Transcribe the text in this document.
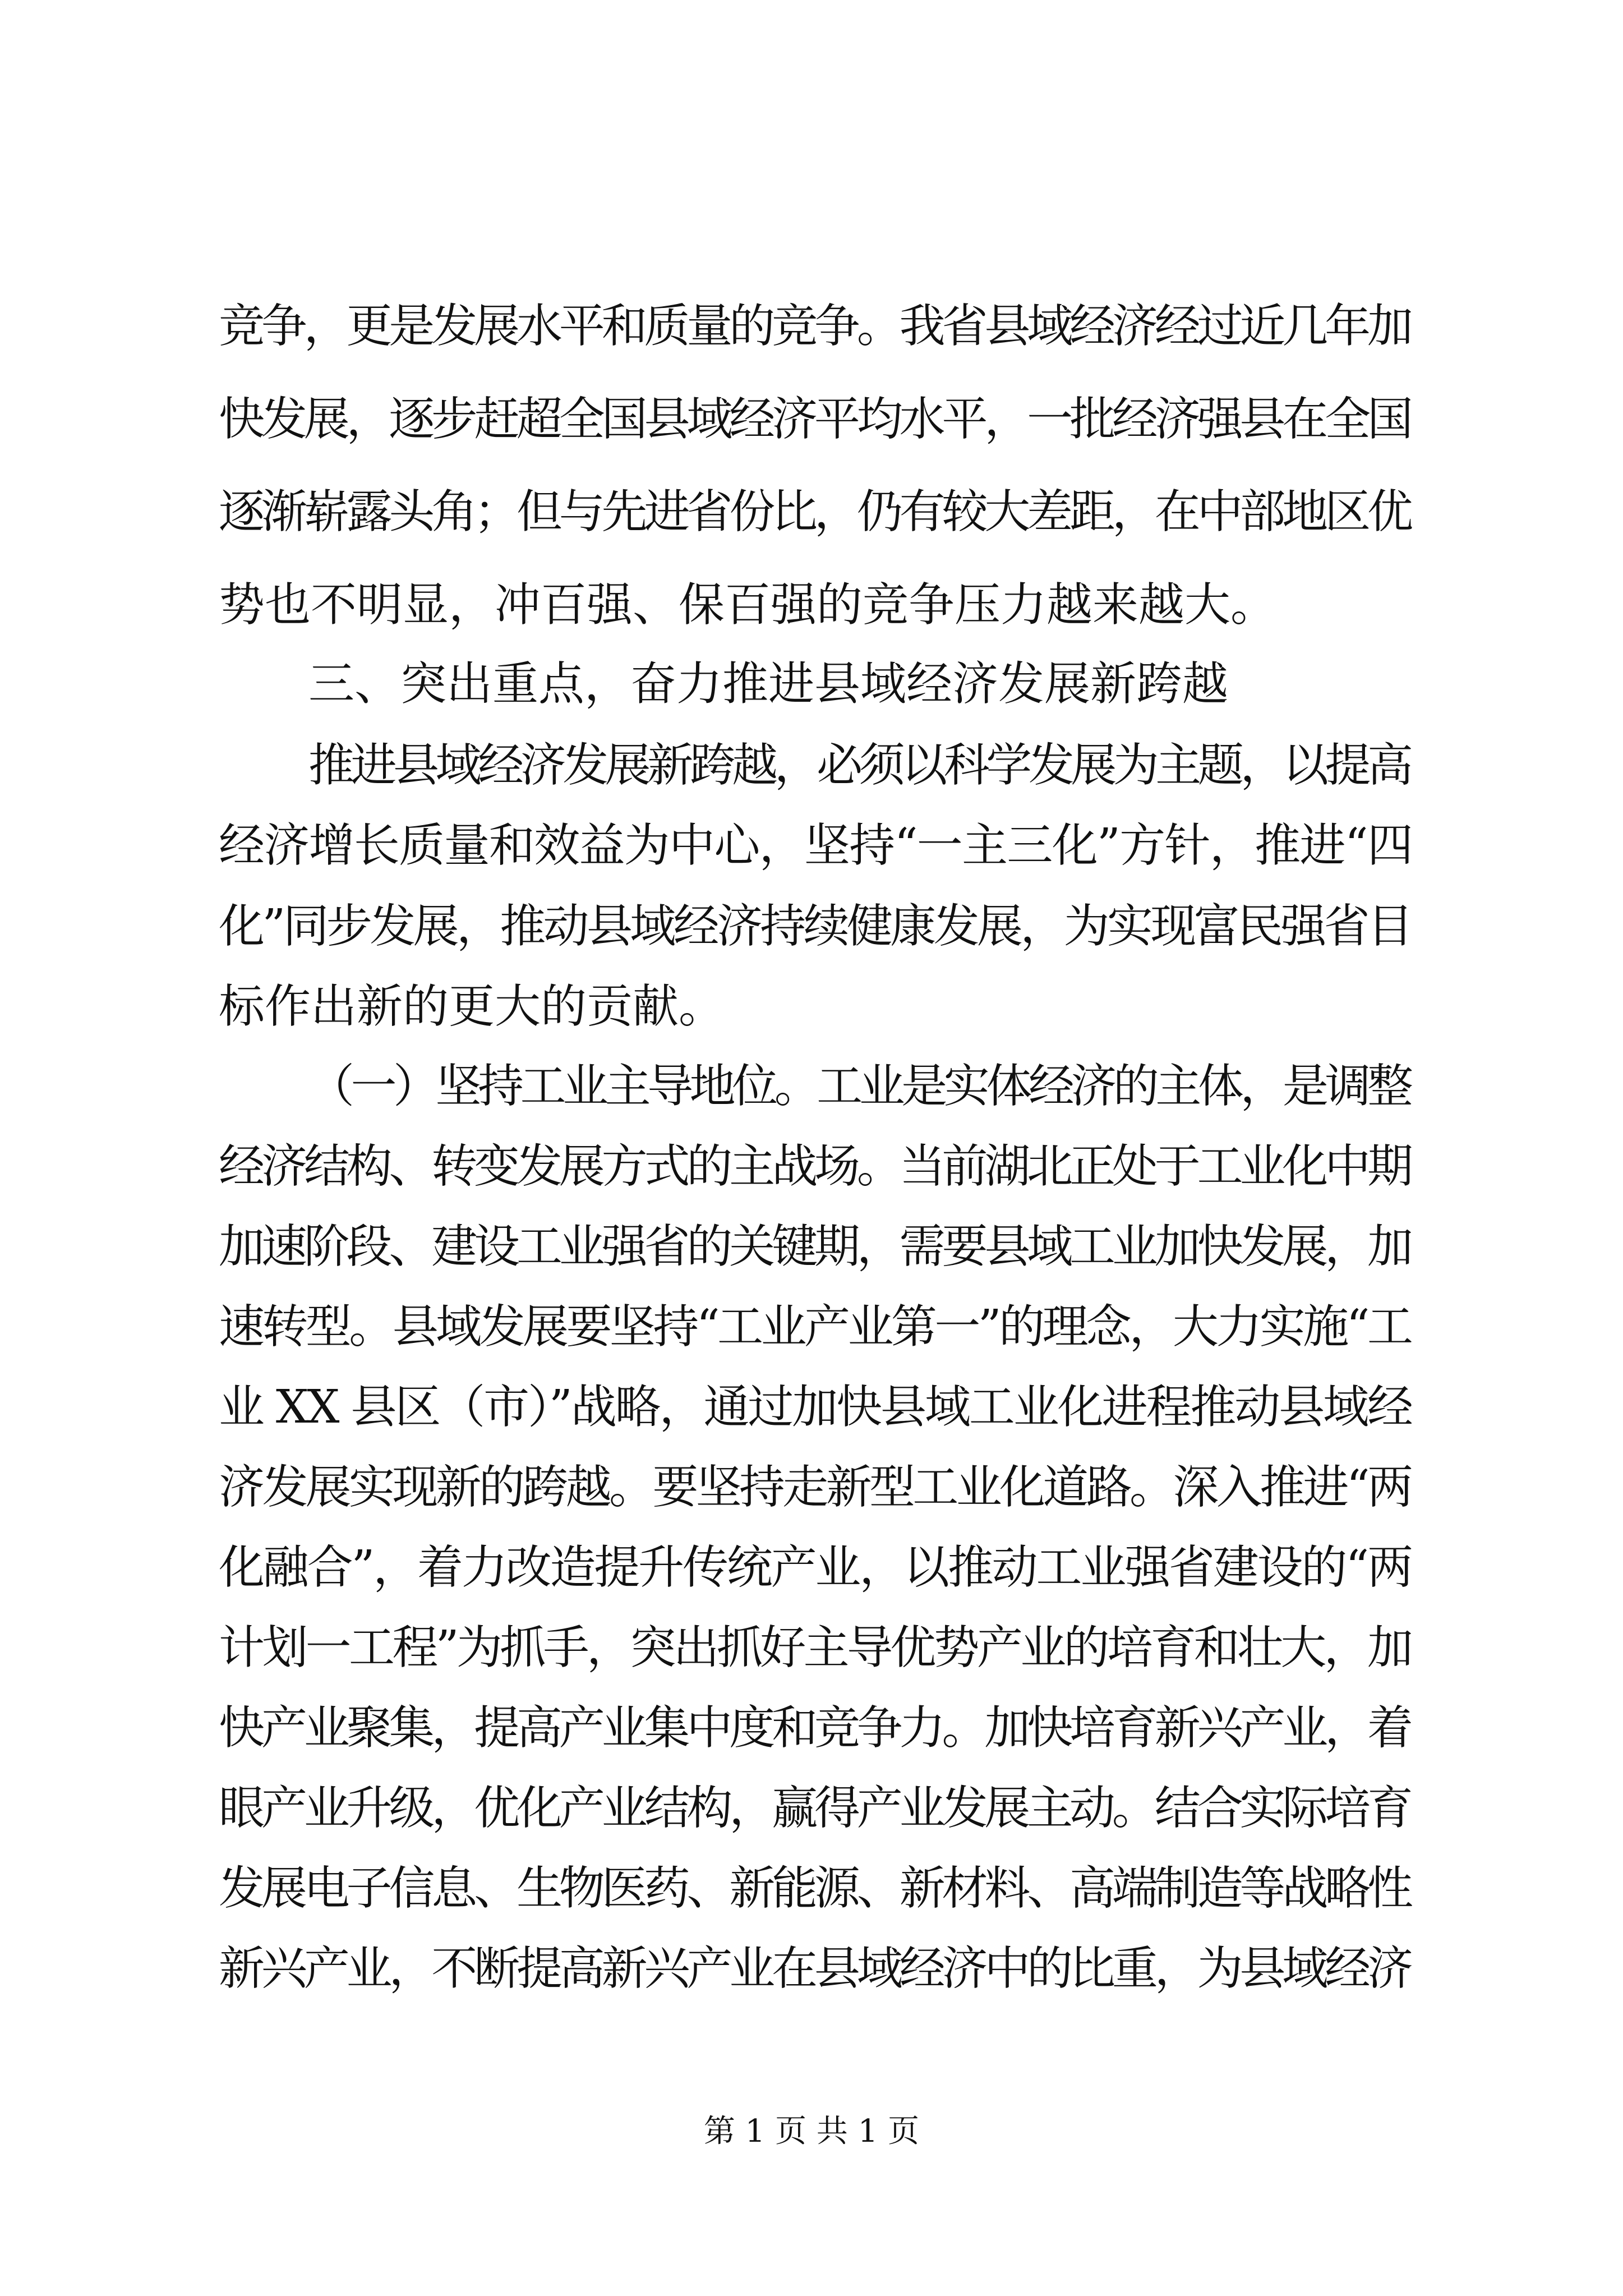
竞争，更是发展水平和质量的竞争。我省县域经济经过近几年加
快发展，逐步赶超全国县域经济平均水平，一批经济强县在全国
逐渐崭露头角；但与先进省份比，仍有较大差距，在中部地区优
势也不明显，冲百强、保百强的竞争压力越来越大。
三、突出重点，奋力推进县域经济发展新跨越
推进县域经济发展新跨越，必须以科学发展为主题，以提高
经济增长质量和效益为中心，坚持“一主三化”方针，推进“四
化”同步发展，推动县域经济持续健康发展，为实现富民强省目
标作出新的更大的贡献。
（一）坚持工业主导地位。工业是实体经济的主体，是调整
经济结构、转变发展方式的主战场。当前湖北正处于工业化中期
加速阶段、建设工业强省的关键期，需要县域工业加快发展，加
速转型。县域发展要坚持“工业产业第一”的理念，大力实施“工
业 XX 县区（市）”战略，通过加快县域工业化进程推动县域经
济发展实现新的跨越。要坚持走新型工业化道路。深入推进“两
化融合”，着力改造提升传统产业，以推动工业强省建设的“两
计划一工程”为抓手，突出抓好主导优势产业的培育和壮大，加
快产业聚集，提高产业集中度和竞争力。加快培育新兴产业，着
眼产业升级，优化产业结构，赢得产业发展主动。结合实际培育
发展电子信息、生物医药、新能源、新材料、高端制造等战略性
新兴产业，不断提高新兴产业在县域经济中的比重，为县域经济
第 1 页 共 1 页
